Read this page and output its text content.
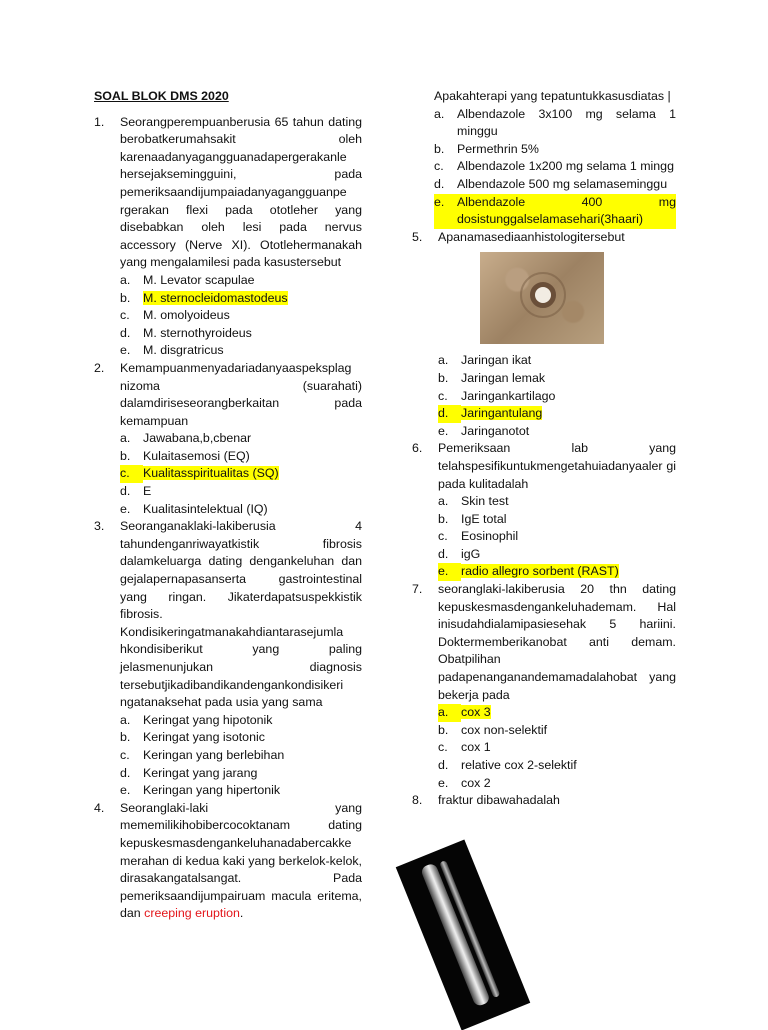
SOAL BLOK DMS 2020
1.	Seorangperempuanberusia 65 tahun dating berobatkerumahsakit oleh karenaadanyagangguanadapergerakanle hersejaksemingguini, pada pemeriksaandijumpaiadanyagangguanpe rgerakan flexi pada ototleher yang disebabkan oleh lesi pada nervus accessory (Nerve XI). Ototlehermanakah yang mengalamilesi pada kasustersebut
a.	M. Levator scapulae
b.	M. sternocleidomastodeus
c.	M. omolyoideus
d.	M. sternothyroideus
e.	M. disgratricus
2.	Kemampuanmenyadariadanyaaspeksplag nizoma (suarahati) dalamdiriseseorangberkaitan pada kemampuan
a.	Jawabana,b,cbenar
b.	Kulaitasemosi (EQ)
c.	Kualitasspiritualitas (SQ)
d.	E
e.	Kualitasintelektual (IQ)
3.	Seoranganaklaki-lakiberusia 4 tahundenganriwayatkistik fibrosis dalamkeluarga dating dengankeluhan dan gejalapernapasanserta gastrointestinal yang ringan. Jikaterdapatsuspekkistik fibrosis. Kondisikeringatmanakahdiantarasejumla hkondisiberikut yang paling jelasmenunjukan diagnosis tersebutjikadibandikandengankondisikeri ngatanaksehat pada usia yang sama
a.	Keringat yang hipotonik
b.	Keringat yang isotonic
c.	Keringan yang berlebihan
d.	Keringat yang jarang
e.	Keringan yang hipertonik
4.	Seoranglaki-laki yang mememilikihobibercocoktanam dating kepuskesmasdengankeluhanadabercakke merahan di kedua kaki yang berkelok-kelok, dirasakangatalsangat. Pada pemeriksaandijumpairuam macula eritema, dan creeping eruption.
Apakahterapi yang tepatuntukkasusdiatas |
a.	Albendazole 3x100 mg selama 1 minggu
b.	Permethrin 5%
c.	Albendazole 1x200 mg selama 1 mingg
d.	Albendazole 500 mg selamaseminggu
e.	Albendazole 400 mg dosistunggalselamasehari(3haari)
5.	Apanamasediaanhistologitersebut
a.	Jaringan ikat
b.	Jaringan lemak
c.	Jaringankartilago
d.	Jaringantulang
e.	Jaringanotot
6.	Pemeriksaan lab yang telahspesifikuntukmengetahuiadanyaaler gi pada kulitadalah
a.	Skin test
b.	IgE total
c.	Eosinophil
d.	igG
e.	radio allegro sorbent (RAST)
7.	seoranglaki-lakiberusia 20 thn dating kepuskesmasdengankeluhademam. Hal inisudahdialamipasiesehak 5 hariini. Doktermemberikanobat anti demam. Obatpilihan padapenanganandemamadalahobat yang bekerja pada
a.	cox 3
b.	cox non-selektif
c.	cox 1
d.	relative cox 2-selektif
e.	cox 2
8.	fraktur dibawahadalah
